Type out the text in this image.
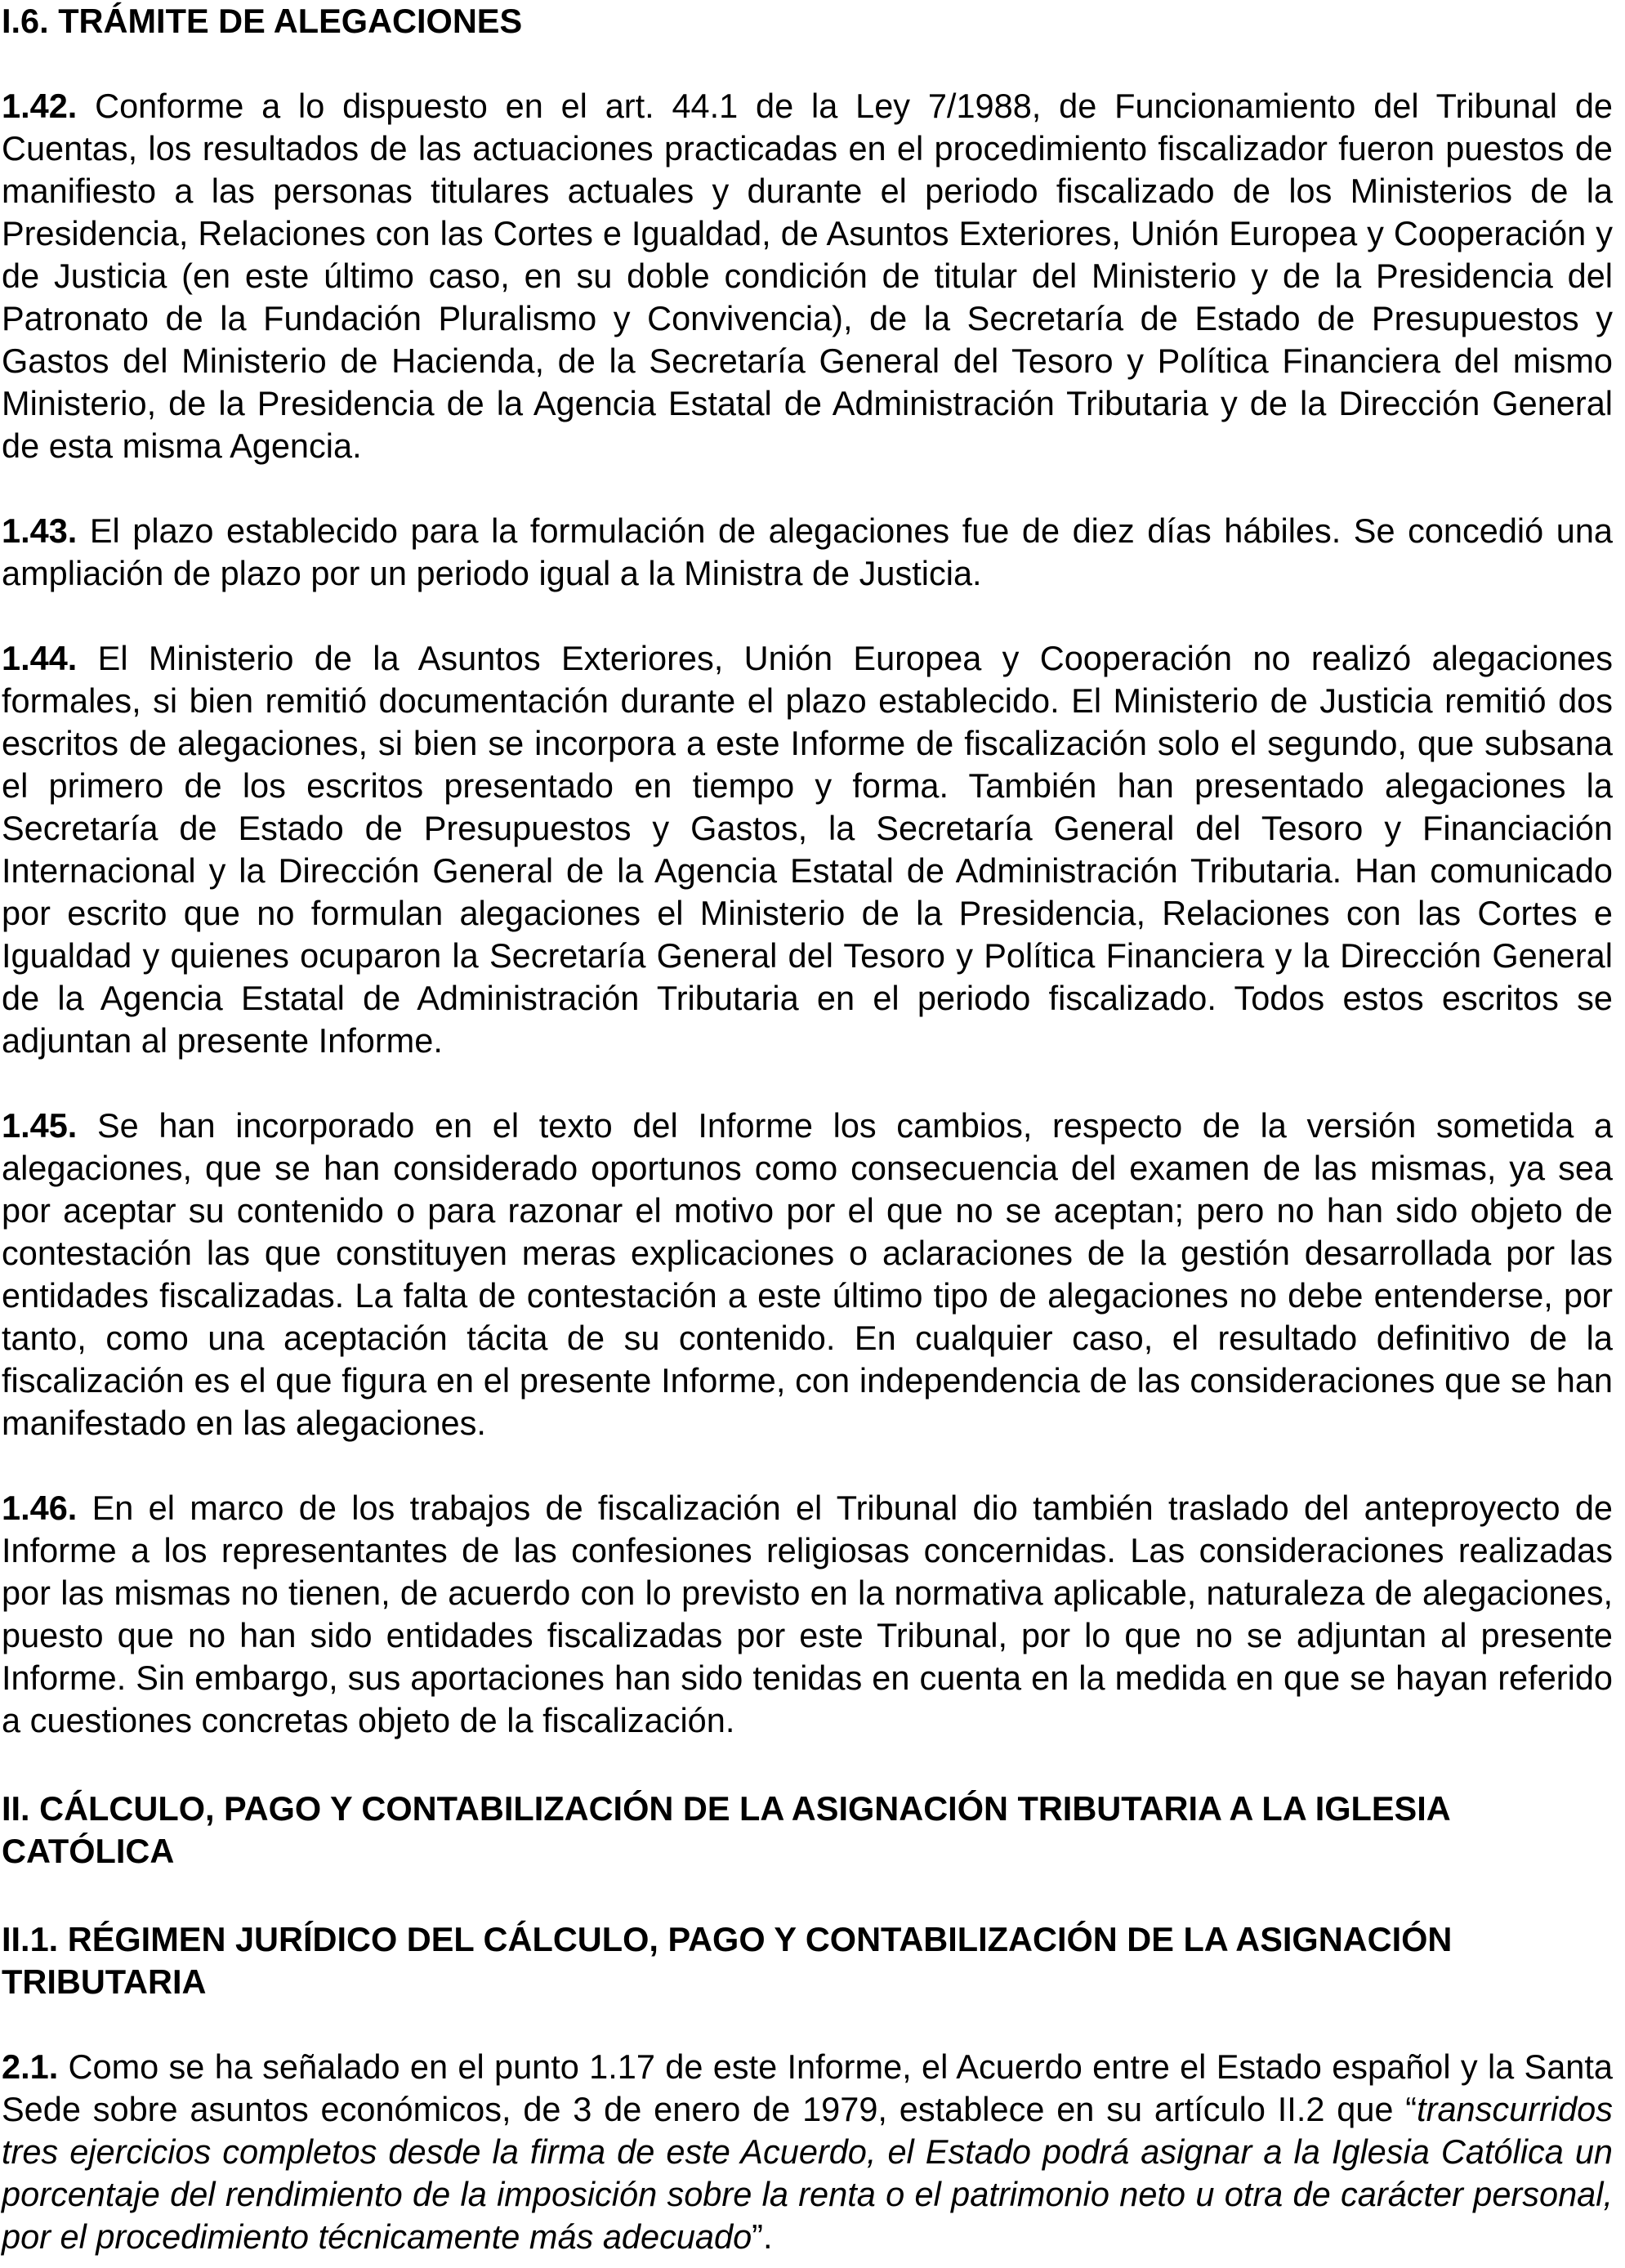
I.6. TRÁMITE DE ALEGACIONES

1.42. Conforme a lo dispuesto en el art. 44.1 de la Ley 7/1988, de Funcionamiento del Tribunal de Cuentas, los resultados de las actuaciones practicadas en el procedimiento fiscalizador fueron puestos de manifiesto a las personas titulares actuales y durante el periodo fiscalizado de los Ministerios de la Presidencia, Relaciones con las Cortes e Igualdad, de Asuntos Exteriores, Unión Europea y Cooperación y de Justicia (en este último caso, en su doble condición de titular del Ministerio y de la Presidencia del Patronato de la Fundación Pluralismo y Convivencia), de la Secretaría de Estado de Presupuestos y Gastos del Ministerio de Hacienda, de la Secretaría General del Tesoro y Política Financiera del mismo Ministerio, de la Presidencia de la Agencia Estatal de Administración Tributaria y de la Dirección General de esta misma Agencia.

1.43. El plazo establecido para la formulación de alegaciones fue de diez días hábiles. Se concedió una ampliación de plazo por un periodo igual a la Ministra de Justicia.

1.44. El Ministerio de la Asuntos Exteriores, Unión Europea y Cooperación no realizó alegaciones formales, si bien remitió documentación durante el plazo establecido. El Ministerio de Justicia remitió dos escritos de alegaciones, si bien se incorpora a este Informe de fiscalización solo el segundo, que subsana el primero de los escritos presentado en tiempo y forma. También han presentado alegaciones la Secretaría de Estado de Presupuestos y Gastos, la Secretaría General del Tesoro y Financiación Internacional y la Dirección General de la Agencia Estatal de Administración Tributaria. Han comunicado por escrito que no formulan alegaciones el Ministerio de la Presidencia, Relaciones con las Cortes e Igualdad y quienes ocuparon la Secretaría General del Tesoro y Política Financiera y la Dirección General de la Agencia Estatal de Administración Tributaria en el periodo fiscalizado. Todos estos escritos se adjuntan al presente Informe.

1.45. Se han incorporado en el texto del Informe los cambios, respecto de la versión sometida a alegaciones, que se han considerado oportunos como consecuencia del examen de las mismas, ya sea por aceptar su contenido o para razonar el motivo por el que no se aceptan; pero no han sido objeto de contestación las que constituyen meras explicaciones o aclaraciones de la gestión desarrollada por las entidades fiscalizadas. La falta de contestación a este último tipo de alegaciones no debe entenderse, por tanto, como una aceptación tácita de su contenido. En cualquier caso, el resultado definitivo de la fiscalización es el que figura en el presente Informe, con independencia de las consideraciones que se han manifestado en las alegaciones.

1.46. En el marco de los trabajos de fiscalización el Tribunal dio también traslado del anteproyecto de Informe a los representantes de las confesiones religiosas concernidas. Las consideraciones realizadas por las mismas no tienen, de acuerdo con lo previsto en la normativa aplicable, naturaleza de alegaciones, puesto que no han sido entidades fiscalizadas por este Tribunal, por lo que no se adjuntan al presente Informe. Sin embargo, sus aportaciones han sido tenidas en cuenta en la medida en que se hayan referido a cuestiones concretas objeto de la fiscalización.

II. CÁLCULO, PAGO Y CONTABILIZACIÓN DE LA ASIGNACIÓN TRIBUTARIA A LA IGLESIA CATÓLICA

II.1. RÉGIMEN JURÍDICO DEL CÁLCULO, PAGO Y CONTABILIZACIÓN DE LA ASIGNACIÓN TRIBUTARIA

2.1. Como se ha señalado en el punto 1.17 de este Informe, el Acuerdo entre el Estado español y la Santa Sede sobre asuntos económicos, de 3 de enero de 1979, establece en su artículo II.2 que “transcurridos tres ejercicios completos desde la firma de este Acuerdo, el Estado podrá asignar a la Iglesia Católica un porcentaje del rendimiento de la imposición sobre la renta o el patrimonio neto u otra de carácter personal, por el procedimiento técnicamente más adecuado”.
